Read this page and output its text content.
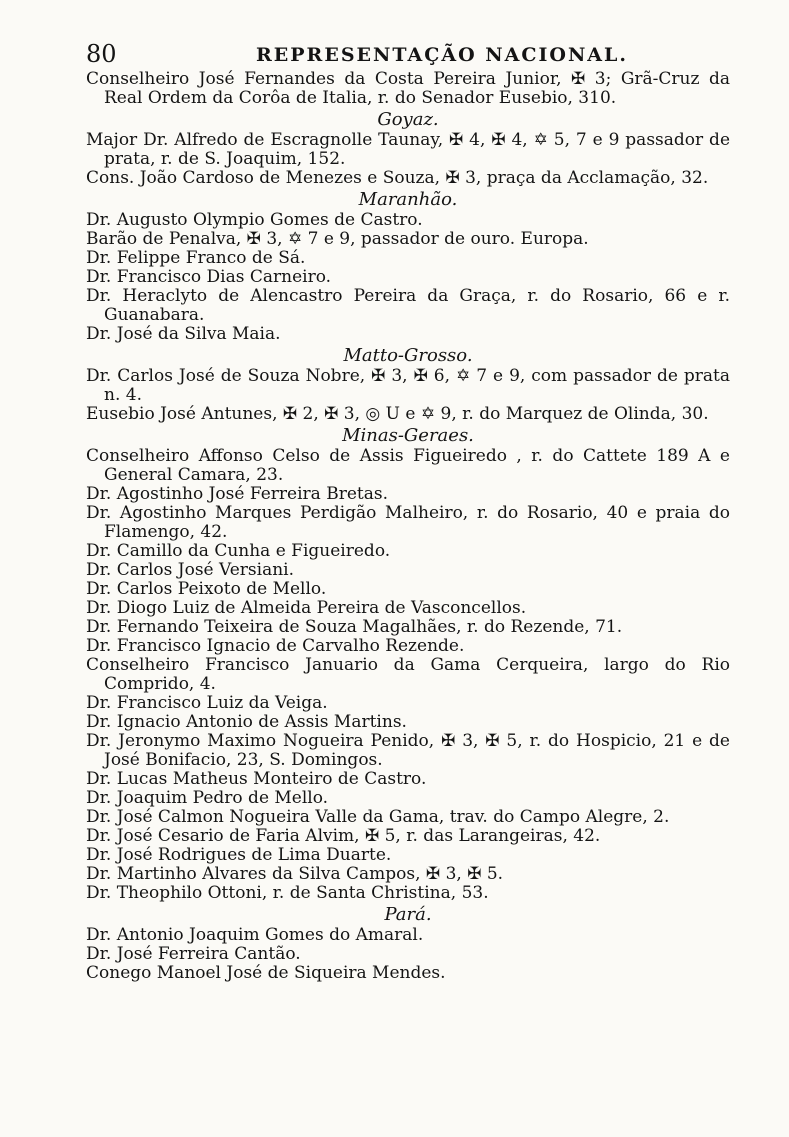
80	REPRESENTAÇÃO NACIONAL.

Conselheiro José Fernandes da Costa Pereira Junior, ✠ 3; Grã-Cruz da Real Ordem da Corôa de Italia, r. do Senador Eusebio, 310.

Goyaz.

Major Dr. Alfredo de Escragnolle Taunay, ✠ 4, ✠ 4, ✡ 5, 7 e 9 passador de prata, r. de S. Joaquim, 152.

Cons. João Cardoso de Menezes e Souza, ✠ 3, praça da Acclamação, 32.

Maranhão.

Dr. Augusto Olympio Gomes de Castro.

Barão de Penalva, ✠ 3, ✡ 7 e 9, passador de ouro. Europa.

Dr. Felippe Franco de Sá.

Dr. Francisco Dias Carneiro.

Dr. Heraclyto de Alencastro Pereira da Graça, r. do Rosario, 66 e r. Guanabara.

Dr. José da Silva Maia.

Matto-Grosso.

Dr. Carlos José de Souza Nobre, ✠ 3, ✠ 6, ✡ 7 e 9, com passador de prata n. 4.

Eusebio José Antunes, ✠ 2, ✠ 3, ◎ U e ✡ 9, r. do Marquez de Olinda, 30.

Minas-Geraes.

Conselheiro Affonso Celso de Assis Figueiredo , r. do Cattete 189 A e General Camara, 23.

Dr. Agostinho José Ferreira Bretas.

Dr. Agostinho Marques Perdigão Malheiro, r. do Rosario, 40 e praia do Flamengo, 42.

Dr. Camillo da Cunha e Figueiredo.

Dr. Carlos José Versiani.

Dr. Carlos Peixoto de Mello.

Dr. Diogo Luiz de Almeida Pereira de Vasconcellos.

Dr. Fernando Teixeira de Souza Magalhães, r. do Rezende, 71.

Dr. Francisco Ignacio de Carvalho Rezende.

Conselheiro Francisco Januario da Gama Cerqueira, largo do Rio Comprido, 4.

Dr. Francisco Luiz da Veiga.

Dr. Ignacio Antonio de Assis Martins.

Dr. Jeronymo Maximo Nogueira Penido, ✠ 3, ✠ 5, r. do Hospicio, 21 e de José Bonifacio, 23, S. Domingos.

Dr. Lucas Matheus Monteiro de Castro.

Dr. Joaquim Pedro de Mello.

Dr. José Calmon Nogueira Valle da Gama, trav. do Campo Alegre, 2.

Dr. José Cesario de Faria Alvim, ✠ 5, r. das Larangeiras, 42.

Dr. José Rodrigues de Lima Duarte.

Dr. Martinho Alvares da Silva Campos, ✠ 3, ✠ 5.

Dr. Theophilo Ottoni, r. de Santa Christina, 53.

Pará.

Dr. Antonio Joaquim Gomes do Amaral.

Dr. José Ferreira Cantão.

Conego Manoel José de Siqueira Mendes.
